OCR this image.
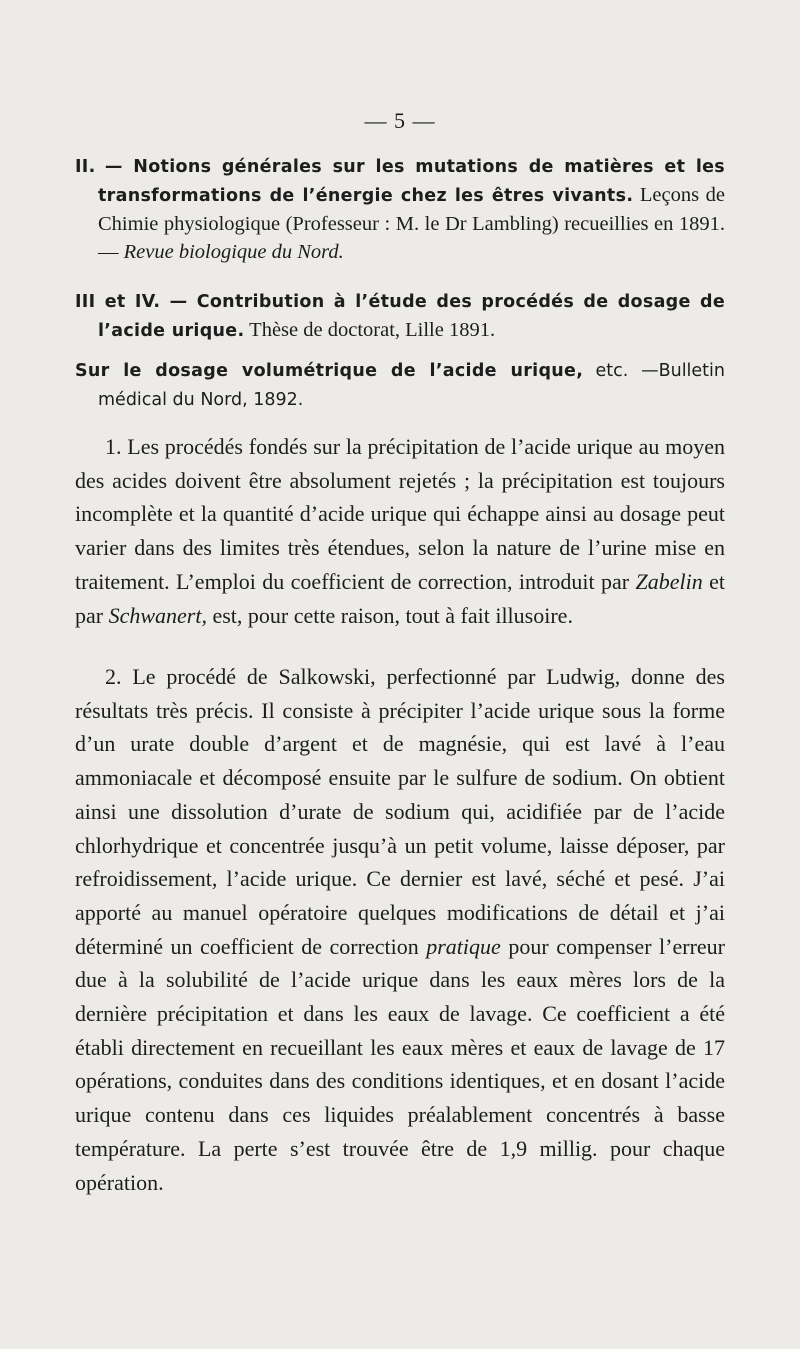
— 5 —
II. — Notions générales sur les mutations de matières et les transformations de l’énergie chez les êtres vivants. Leçons de Chimie physiologique (Professeur : M. le Dr Lambling) recueillies en 1891. — Revue biologique du Nord.
III et IV. — Contribution à l’étude des procédés de dosage de l’acide urique. Thèse de doctorat, Lille 1891.
Sur le dosage volumétrique de l’acide urique, etc. —Bulletin médical du Nord, 1892.

1. Les procédés fondés sur la précipitation de l’acide urique au moyen des acides doivent être absolument rejetés ; la précipitation est toujours incomplète et la quantité d’acide urique qui échappe ainsi au dosage peut varier dans des limites très étendues, selon la nature de l’urine mise en traitement. L’emploi du coefficient de correction, introduit par Zabelin et par Schwanert, est, pour cette raison, tout à fait illusoire.

2. Le procédé de Salkowski, perfectionné par Ludwig, donne des résultats très précis. Il consiste à précipiter l’acide urique sous la forme d’un urate double d’argent et de magnésie, qui est lavé à l’eau ammoniacale et décomposé ensuite par le sulfure de sodium. On obtient ainsi une dissolution d’urate de sodium qui, acidifiée par de l’acide chlorhydrique et concentrée jusqu’à un petit volume, laisse déposer, par refroidissement, l’acide urique. Ce dernier est lavé, séché et pesé. J’ai apporté au manuel opératoire quelques modifications de détail et j’ai déterminé un coefficient de correction pratique pour compenser l’erreur due à la solubilité de l’acide urique dans les eaux mères lors de la dernière précipitation et dans les eaux de lavage. Ce coefficient a été établi directement en recueillant les eaux mères et eaux de lavage de 17 opérations, conduites dans des conditions identiques, et en dosant l’acide urique contenu dans ces liquides préalablement concentrés à basse température. La perte s’est trouvée être de 1,9 millig. pour chaque opération.
